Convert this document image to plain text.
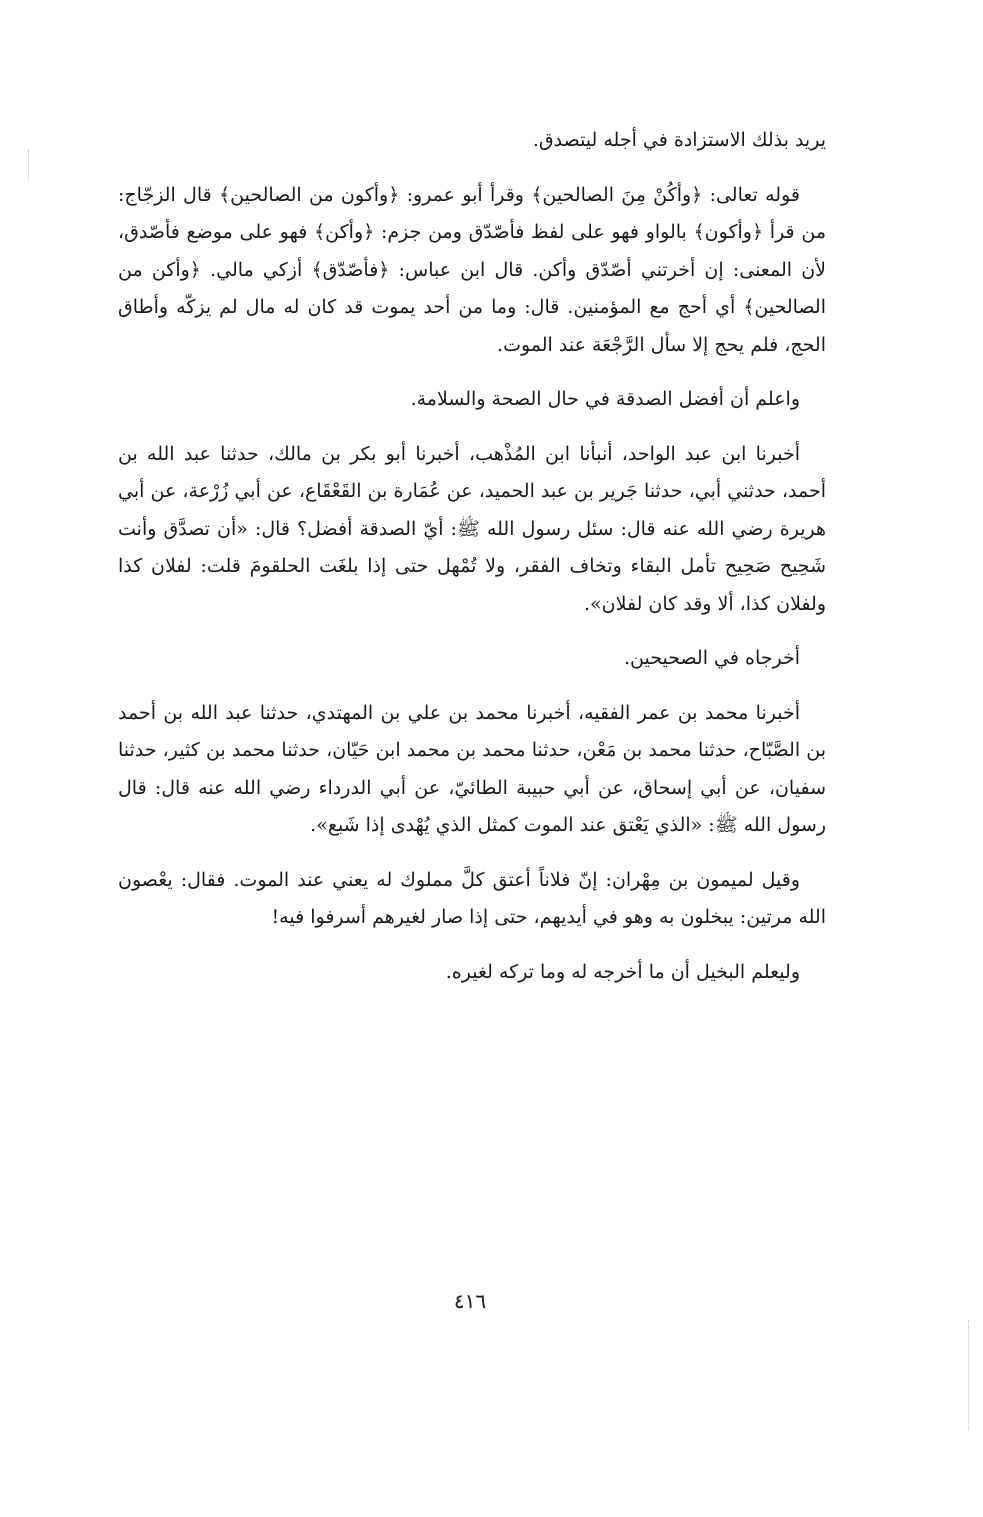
يريد بذلك الاستزادة في أجله ليتصدق.

قوله تعالى: ﴿وأكُنْ مِنَ الصالحين﴾ وقرأ أبو عمرو: ﴿وأكون من الصالحين﴾ قال الزجّاج: من قرأ ﴿وأكون﴾ بالواو فهو على لفظ فأصّدّق ومن جزم: ﴿وأكن﴾ فهو على موضع فأصّدق، لأن المعنى: إن أخرتني أصّدّق وأكن. قال ابن عباس: ﴿فأصّدّق﴾ أزكي مالي. ﴿وأكن من الصالحين﴾ أي أحج مع المؤمنين. قال: وما من أحد يموت قد كان له مال لم يزكّه وأطاق الحج، فلم يحج إلا سأل الرَّجْعَة عند الموت.

واعلم أن أفضل الصدقة في حال الصحة والسلامة.

أخبرنا ابن عبد الواحد، أنبأنا ابن المُذْهب، أخبرنا أبو بكر بن مالك، حدثنا عبد الله بن أحمد، حدثني أبي، حدثنا جَرير بن عبد الحميد، عن عُمَارة بن القَعْقَاع، عن أبي زُرْعة، عن أبي هريرة رضي الله عنه قال: سئل رسول الله ﷺ: أيّ الصدقة أفضل؟ قال: «أن تصدَّق وأنت شَحِيح صَحِيح تأمل البقاء وتخاف الفقر، ولا تُمْهل حتى إذا بلغَت الحلقومَ قلت: لفلان كذا ولفلان كذا، ألا وقد كان لفلان».

أخرجاه في الصحيحين.

أخبرنا محمد بن عمر الفقيه، أخبرنا محمد بن علي بن المهتدي، حدثنا عبد الله بن أحمد بن الصَّبّاح، حدثنا محمد بن مَعْن، حدثنا محمد بن محمد ابن حَيّان، حدثنا محمد بن كثير، حدثنا سفيان، عن أبي إسحاق، عن أبي حبيبة الطائيّ، عن أبي الدرداء رضي الله عنه قال: قال رسول الله ﷺ: «الذي يَعْتق عند الموت كمثل الذي يُهْدى إذا شَبع».

وقيل لميمون بن مِهْران: إنّ فلاناً أعتق كلَّ مملوك له يعني عند الموت. فقال: يعْصون الله مرتين: يبخلون به وهو في أيديهم، حتى إذا صار لغيرهم أسرفوا فيه!

وليعلم البخيل أن ما أخرجه له وما تركه لغيره.

٤١٦
